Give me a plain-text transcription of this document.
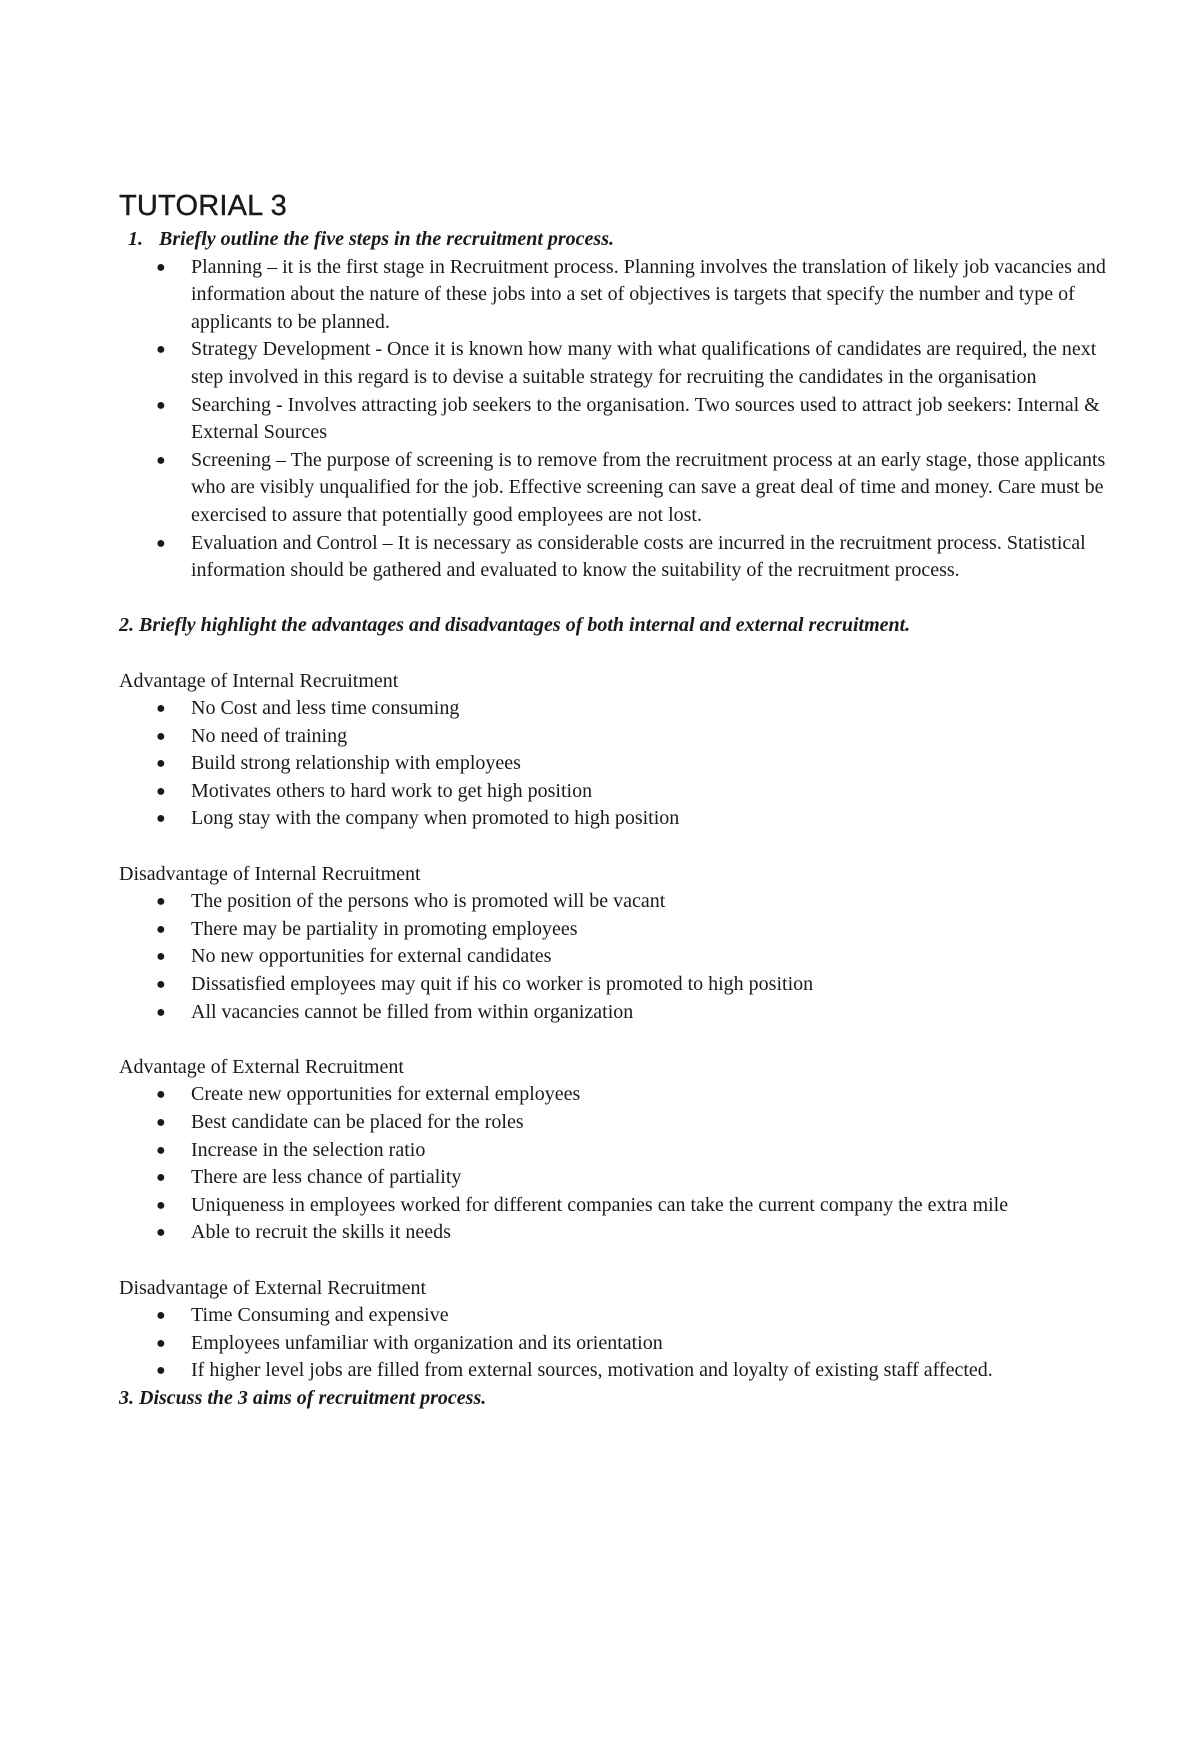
TUTORIAL 3
1. Briefly outline the five steps in the recruitment process.
● Planning – it is the first stage in Recruitment process. Planning involves the translation of likely job vacancies and information about the nature of these jobs into a set of objectives is targets that specify the number and type of applicants to be planned.
● Strategy Development - Once it is known how many with what qualifications of candidates are required, the next step involved in this regard is to devise a suitable strategy for recruiting the candidates in the organisation
● Searching - Involves attracting job seekers to the organisation. Two sources used to attract job seekers: Internal & External Sources
● Screening – The purpose of screening is to remove from the recruitment process at an early stage, those applicants who are visibly unqualified for the job. Effective screening can save a great deal of time and money. Care must be exercised to assure that potentially good employees are not lost.
● Evaluation and Control – It is necessary as considerable costs are incurred in the recruitment process. Statistical information should be gathered and evaluated to know the suitability of the recruitment process.
2. Briefly highlight the advantages and disadvantages of both internal and external recruitment.
Advantage of Internal Recruitment
● No Cost and less time consuming
● No need of training
● Build strong relationship with employees
● Motivates others to hard work to get high position
● Long stay with the company when promoted to high position
Disadvantage of Internal Recruitment
● The position of the persons who is promoted will be vacant
● There may be partiality in promoting employees
● No new opportunities for external candidates
● Dissatisfied employees may quit if his co worker is promoted to high position
● All vacancies cannot be filled from within organization
Advantage of External Recruitment
● Create new opportunities for external employees
● Best candidate can be placed for the roles
● Increase in the selection ratio
● There are less chance of partiality
● Uniqueness in employees worked for different companies can take the current company the extra mile
● Able to recruit the skills it needs
Disadvantage of External Recruitment
● Time Consuming and expensive
● Employees unfamiliar with organization and its orientation
● If higher level jobs are filled from external sources, motivation and loyalty of existing staff affected.
3. Discuss the 3 aims of recruitment process.
